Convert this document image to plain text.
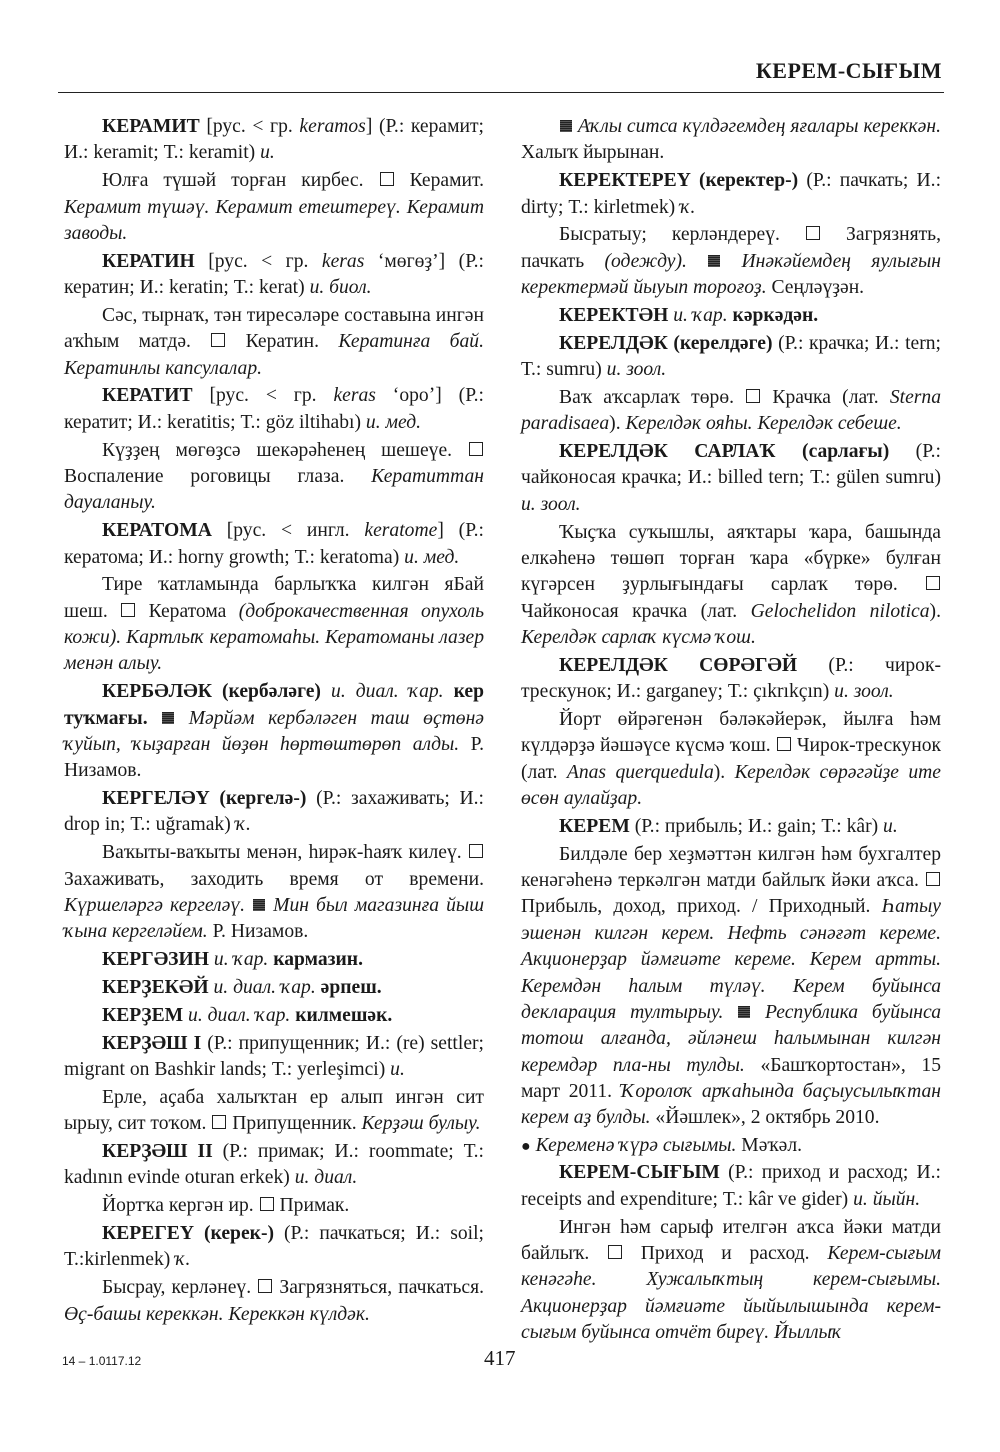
КЕРЕМ-СЫҒЫМ
КЕРАМИТ [рус. < гр. keramos] (Р.: керамит; И.: keramit; Т.: keramit) и.
Юлға түшәй торған кирбес.  Керамит. Керамит түшәү. Керамит етештереү. Керамит заводы.
КЕРАТИН [рус. < гр. keras ‘мөгөҙ’] (Р.: кератин; И.: keratin; Т.: kerat) и. биол.
Сәс, тырнаҡ, тән тиресәләре составына ингән аҡһым матдә.  Кератин. Кератинға бай. Кератинлы капсулалар.
КЕРАТИТ [рус. < гр. keras ‘ороʼ] (Р.: кератит; И.: keratitis; Т.: göz iltihabı) и. мед.
Күҙҙең мөгөҙсә шекәрәһенең шешеүе.  Воспаление роговицы глаза. Кератиттан дауаланыу.
КЕРАТОМА [рус. < ингл. keratome] (Р.: кератома; И.: horny growth; Т.: keratoma) и. мед.
Тире ҡатламында барлыҡҡа килгән яБай шеш.  Кератома (доброкачественная опухоль кожи). Картлыҡ кератомаһы. Кератоманы лазер менән алыу.
КЕРБӘЛӘК (кербәләге) и. диал. ҡар. кер туҡмағы.  Мәрйәм кербәләген таш өҫтөнә ҡуйып, ҡыҙарған йөҙөн һөртөштөрөп алды. Р. Низамов.
КЕРГЕЛӘҮ (кергелә-) (Р.: захаживать; И.: drop in; Т.: uğramak) ҡ.
Ваҡыты-ваҡыты менән, һирәк-һаяҡ килеү.  Захаживать, заходить время от времени. Күршеләргә кергеләү.  Мин был магазинға йыш ҡына кергеләйем. Р. Низамов.
КЕРГӘЗИН и. ҡар. кармазин.
КЕРҘЕКӘЙ и. диал. ҡар. әрпеш.
КЕРҘЕМ и. диал. ҡар. килмешәк.
КЕРҘӘШ I (Р.: припущенник; И.: (re) settler; migrant on Bashkir lands; Т.: yerleşimci) и.
Ерле, аҫаба халыҡтан ер алып ингән сит ырыу, сит тоҡом.  Припущенник. Керҙәш булыу.
КЕРҘӘШ II (Р.: примак; И.: roommate; Т.: kadının evinde oturan erkek) и. диал.
Йортҡа кергән ир.  Примак.
КЕРЕГЕҮ (керек-) (Р.: пачкаться; И.: soil; Т.:kirlenmek) ҡ.
Бысрау, керләнеү.  Загрязняться, пачкаться. Өҫ-башы кереккән. Кереккән күлдәк.
Аҡлы ситса күлдәгемдең яғалары кереккән. Халыҡ йырынан.
КЕРЕКТЕРЕҮ (керектер-) (Р.: пачкать; И.: dirty; Т.: kirletmek) ҡ.
Бысратыу; керләндереү.  Загрязнять, пачкать (одежду).  Инәкәйемдең яулығын керектермәй йыуып торoғоҙ. Сеңләүҙән.
КЕРЕКТӘН и. ҡар. кәркәдән.
КЕРЕЛДӘК (керелдәге) (Р.: крачка; И.: tern; Т.: sumru) и. зоол.
Ваҡ аҡсарлаҡ төрө.  Крачка (лат. Sterna paradisaea). Керелдәк ояһы. Керелдәк себеше.
КЕРЕЛДӘК САРЛАҠ (сарлағы) (Р.: чайконосая крачка; И.: billed tern; Т.: gülen sumru) и. зоол.
Ҡыҫҡа суҡышлы, аяҡтары ҡара, башында елкәһенә төшөп торған ҡара «бүрке» булған күгәрсен ҙурлығындағы сарлаҡ төрө.  Чайконосая крачка (лат. Gelochelidon nilotica). Керелдәк сарлаҡ күсмә ҡош.
КЕРЕЛДӘК СӨРӘГӘЙ (Р.: чирок-трескунок; И.: garganey; Т.: çıkrıkçın) и. зоол.
Йорт өйрәгенән бәләкәйерәк, йылға һәм күлдәрҙә йәшәүсе күсмә ҡош.  Чирок-трескунок (лат. Anas querquedula). Керелдәк сөрәгәйҙе ите өсөн аулайҙар.
КЕРЕМ (Р.: прибыль; И.: gain; Т.: kâr) и.
Билдәле бер хеҙмәттән килгән һәм бухгалтер кенәгәһенә теркәлгән матди байлыҡ йәки аҡса.  Прибыль, доход, приход. / Приходный. Һатыу эшенән килгән керем. Нефть сәнәғәт кереме. Акционерҙар йәмғиәте кереме. Керем артты. Керемдән һалым түләү. Керем буйынса декларация тултырыу.  Республика буйынса тотош алғанда, әйләнеш һалымынан килгән керемдәр пла-ны тулды. «Башҡортостан», 15 март 2011. Ҡоролоҡ арҡаһында баҫыусылыҡтан керем аҙ булды. «Йәшлек», 2 октябрь 2010.
● Кеременә ҡүрә сығымы. Мәҡәл.
КЕРЕМ-СЫҒЫМ (Р.: приход и расход; И.: receipts and expenditure; Т.: kâr ve gider) и. йыйн.
Ингән һәм сарыф ителгән аҡса йәки матди байлыҡ.  Приход и расход. Керем-сығым кенәгәһе. Хужалыҡтың керем-сығымы. Акционерҙар йәмғиәте йыйылышында керем-сығым буйынса отчёт биреү. Йыллыҡ
14 – 1.0117.12	417
